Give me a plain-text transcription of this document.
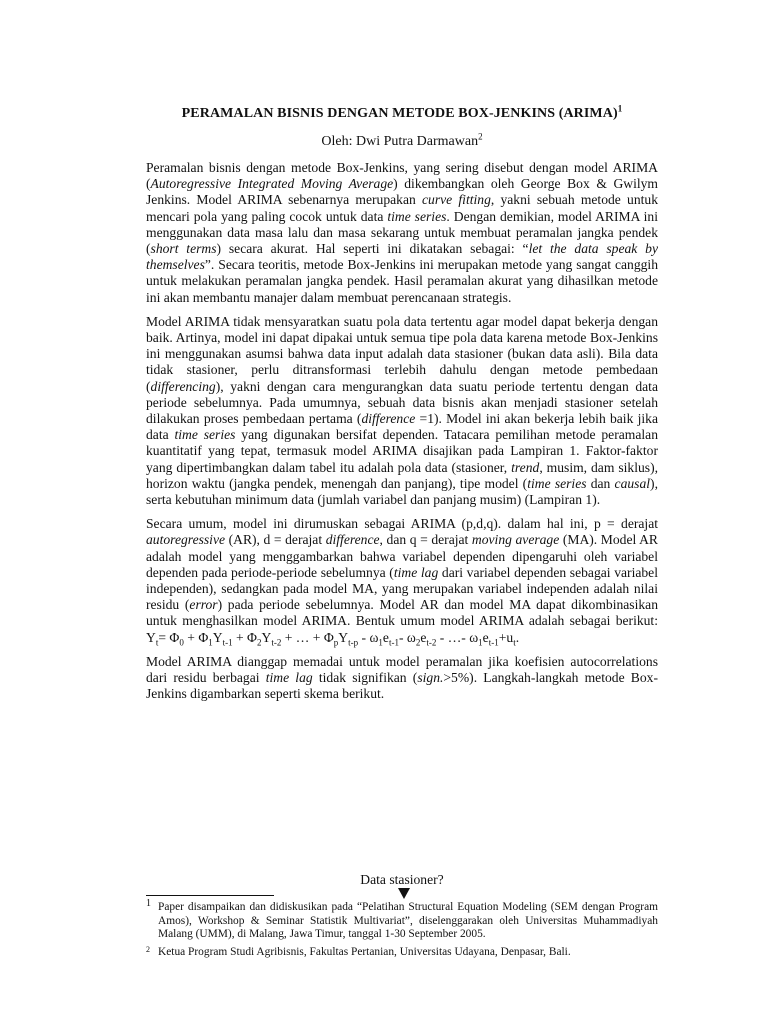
PERAMALAN BISNIS DENGAN METODE BOX-JENKINS (ARIMA)$^1$
Oleh: Dwi Putra Darmawan$^2$

Peramalan bisnis dengan metode Box-Jenkins, yang sering disebut dengan model ARIMA (Autoregressive Integrated Moving Average) dikembangkan oleh George Box & Gwilym Jenkins. Model ARIMA sebenarnya merupakan curve fitting, yakni sebuah metode untuk mencari pola yang paling cocok untuk data time series. Dengan demikian, model ARIMA ini menggunakan data masa lalu dan masa sekarang untuk membuat peramalan jangka pendek (short terms) secara akurat. Hal seperti ini dikatakan sebagai: “let the data speak by themselves”. Secara teoritis, metode Box-Jenkins ini merupakan metode yang sangat canggih untuk melakukan peramalan jangka pendek. Hasil peramalan akurat yang dihasilkan metode ini akan membantu manajer dalam membuat perencanaan strategis.

Model ARIMA tidak mensyaratkan suatu pola data tertentu agar model dapat bekerja dengan baik. Artinya, model ini dapat dipakai untuk semua tipe pola data karena metode Box-Jenkins ini menggunakan asumsi bahwa data input adalah data stasioner (bukan data asli). Bila data tidak stasioner, perlu ditransformasi terlebih dahulu dengan metode pembedaan (differencing), yakni dengan cara mengurangkan data suatu periode tertentu dengan data periode sebelumnya. Pada umumnya, sebuah data bisnis akan menjadi stasioner setelah dilakukan proses pembedaan pertama (difference =1). Model ini akan bekerja lebih baik jika data time series yang digunakan bersifat dependen. Tatacara pemilihan metode peramalan kuantitatif yang tepat, termasuk model ARIMA disajikan pada Lampiran 1. Faktor-faktor yang dipertimbangkan dalam tabel itu adalah pola data (stasioner, trend, musim, dam siklus), horizon waktu (jangka pendek, menengah dan panjang), tipe model (time series dan causal), serta kebutuhan minimum data (jumlah variabel dan panjang musim) (Lampiran 1).

Secara umum, model ini dirumuskan sebagai ARIMA (p,d,q). dalam hal ini, p = derajat autoregressive (AR), d = derajat difference, dan q = derajat moving average (MA). Model AR adalah model yang menggambarkan bahwa variabel dependen dipengaruhi oleh variabel dependen pada periode-periode sebelumnya (time lag dari variabel dependen sebagai variabel independen), sedangkan pada model MA, yang merupakan variabel independen adalah nilai residu (error) pada periode sebelumnya. Model AR dan model MA dapat dikombinasikan untuk menghasilkan model ARIMA. Bentuk umum model ARIMA adalah sebagai berikut: $Y_t= \Phi_0 + \Phi_1Y_{t-1} + \Phi_2Y_{t-2}$ + … + $\Phi_pY_{t-p} - \omega_1e_{t-1}-$ $\omega_2e_{t-2}$ - …- $\omega_1e_{t-1}+u_t$.

Model ARIMA dianggap memadai untuk model peramalan jika koefisien autocorrelations dari residu berbagai time lag tidak signifikan (sign.>5%). Langkah-langkah metode Box-Jenkins digambarkan seperti skema berikut.

Data stasioner?
1 Paper disampaikan dan didiskusikan pada “Pelatihan Structural Equation Modeling (SEM dengan Program Amos), Workshop & Seminar Statistik Multivariat”, diselenggarakan oleh Universitas Muhammadiyah Malang (UMM), di Malang, Jawa Timur, tanggal 1-30 September 2005.
2 Ketua Program Studi Agribisnis, Fakultas Pertanian, Universitas Udayana, Denpasar, Bali.
